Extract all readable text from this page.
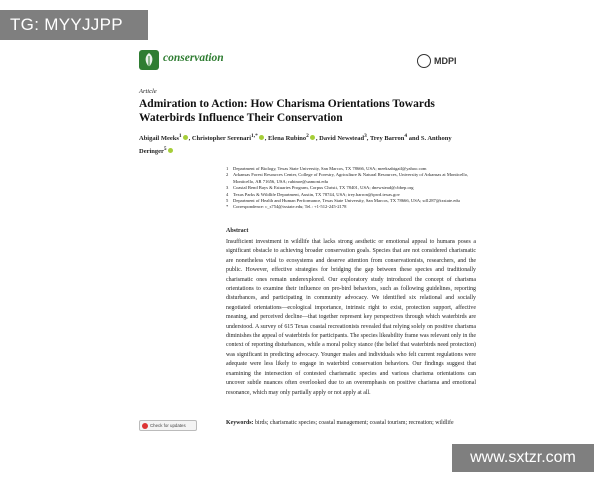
TG: MYYJJPP
conservation	MDPI
Article
Admiration to Action: How Charisma Orientations Towards Waterbirds Influence Their Conservation
Abigail Meeks$^1$ , Christopher Serenari$^{1,*}$ , Elena Rubino$^2$ , David Newstead$^3$, Trey Barron$^4$ and S. Anthony Deringer$^5$
1	Department of Biology, Texas State University, San Marcos, TX 78666, USA; meeksabigail@yahoo.com
2	Arkansas Forest Resources Center, College of Forestry, Agriculture & Natural Resources, University of Arkansas at Monticello, Monticello, AR 71656, USA; rubinoe@uamont.edu
3	Coastal Bend Bays & Estuaries Program, Corpus Christi, TX 78401, USA; dnewstead@cbbep.org
4	Texas Parks & Wildlife Department, Austin, TX 78744, USA; trey.barron@tpwd.texas.gov
5	Department of Health and Human Performance, Texas State University, San Marcos, TX 78666, USA; sd1287@txstate.edu
*	Correspondence: c_s754@txstate.edu; Tel.: +1-512-245-2178
Abstract

Insufficient investment in wildlife that lacks strong aesthetic or emotional appeal to humans poses a significant obstacle to achieving broader conservation goals. Species that are not considered charismatic are nonetheless vital to ecosystems and deserve attention from conservationists, researchers, and the public. However, effective strategies for bridging the gap between these species and traditionally charismatic ones remain underexplored. Our exploratory study introduced the concept of charisma orientations to examine their influence on pro-bird behaviors, such as following guidelines, reporting disturbances, and participating in community advocacy. We identified six relational and socially negotiated orientations—ecological importance, intrinsic right to exist, protection support, affective meaning, and perceived decline—that together represent key perspectives through which waterbirds are understood. A survey of 615 Texas coastal recreationists revealed that relying solely on positive charisma diminishes the appeal of waterbirds for participants. The species likeability frame was relevant only in the context of reporting disturbances, while a moral policy stance (the belief that waterbirds need protection) was significant in predicting advocacy. Younger males and individuals who felt current regulations were adequate were less likely to engage in waterbird conservation behaviors. Our findings suggest that examining the intersection of contested charismatic species and various charisma orientations can uncover subtle nuances often overlooked due to an overemphasis on positive charisma and emotional resonance, which may only partially apply or not apply at all.

Check for updates	Keywords: birds; charismatic species; coastal management; coastal tourism; recreation; wildlife
www.sxtzr.com
